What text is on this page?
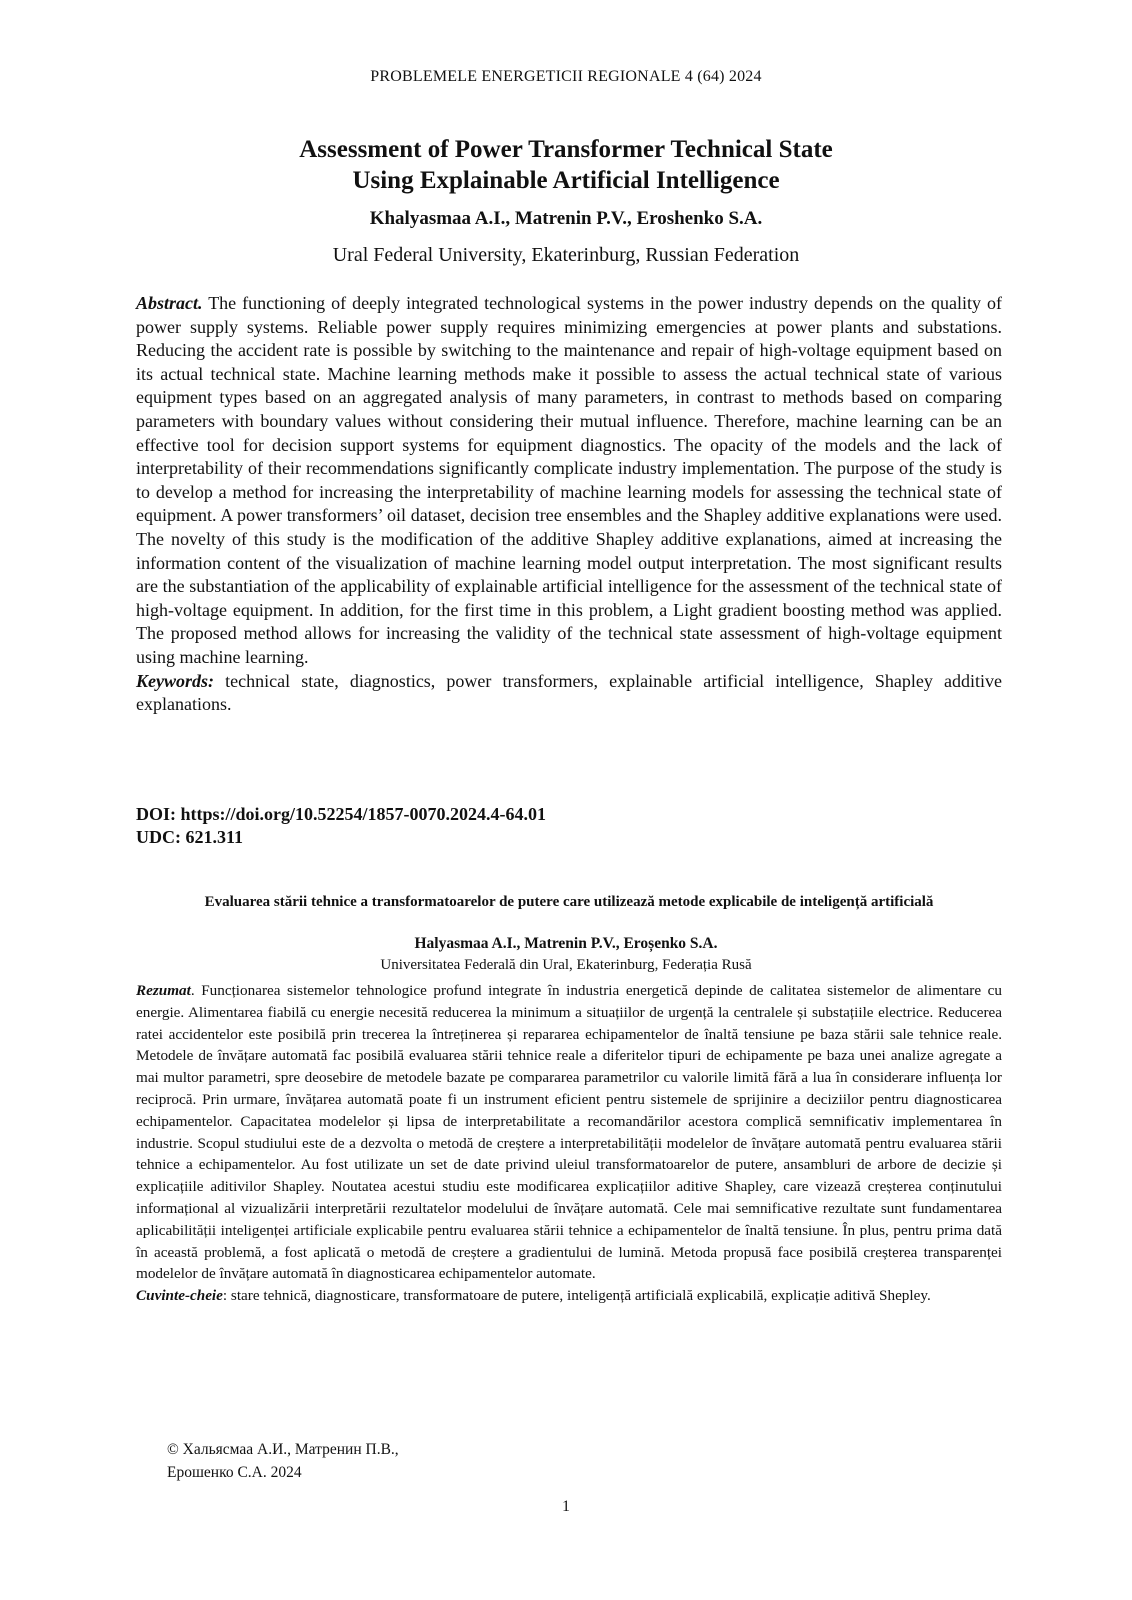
PROBLEMELE ENERGETICII REGIONALE 4 (64) 2024
Assessment of Power Transformer Technical State
Using Explainable Artificial Intelligence
Khalyasmaa A.I., Matrenin P.V., Eroshenko S.A.
Ural Federal University, Ekaterinburg, Russian Federation

Abstract. The functioning of deeply integrated technological systems in the power industry depends on the quality of power supply systems. Reliable power supply requires minimizing emergencies at power plants and substations. Reducing the accident rate is possible by switching to the maintenance and repair of high-voltage equipment based on its actual technical state. Machine learning methods make it possible to assess the actual technical state of various equipment types based on an aggregated analysis of many parameters, in contrast to methods based on comparing parameters with boundary values without considering their mutual influence. Therefore, machine learning can be an effective tool for decision support systems for equipment diagnostics. The opacity of the models and the lack of interpretability of their recommendations significantly complicate industry implementation. The purpose of the study is to develop a method for increasing the interpretability of machine learning models for assessing the technical state of equipment. A power transformers’ oil dataset, decision tree ensembles and the Shapley additive explanations were used. The novelty of this study is the modification of the additive Shapley additive explanations, aimed at increasing the information content of the visualization of machine learning model output interpretation. The most significant results are the substantiation of the applicability of explainable artificial intelligence for the assessment of the technical state of high-voltage equipment. In addition, for the first time in this problem, a Light gradient boosting method was applied. The proposed method allows for increasing the validity of the technical state assessment of high-voltage equipment using machine learning.

Keywords: technical state, diagnostics, power transformers, explainable artificial intelligence, Shapley additive explanations.

DOI: https://doi.org/10.52254/1857-0070.2024.4-64.01
UDC: 621.311
Evaluarea stării tehnice a transformatoarelor de putere care utilizează metode explicabile de inteligență artificială
Halyasmaa A.I., Matrenin P.V., Eroșenko S.A.
Universitatea Federală din Ural, Ekaterinburg, Federația Rusă

Rezumat. Funcționarea sistemelor tehnologice profund integrate în industria energetică depinde de calitatea sistemelor de alimentare cu energie. Alimentarea fiabilă cu energie necesită reducerea la minimum a situațiilor de urgență la centralele și substațiile electrice. Reducerea ratei accidentelor este posibilă prin trecerea la întreținerea și repararea echipamentelor de înaltă tensiune pe baza stării sale tehnice reale. Metodele de învățare automată fac posibilă evaluarea stării tehnice reale a diferitelor tipuri de echipamente pe baza unei analize agregate a mai multor parametri, spre deosebire de metodele bazate pe compararea parametrilor cu valorile limită fără a lua în considerare influența lor reciprocă. Prin urmare, învățarea automată poate fi un instrument eficient pentru sistemele de sprijinire a deciziilor pentru diagnosticarea echipamentelor. Capacitatea modelelor și lipsa de interpretabilitate a recomandărilor acestora complică semnificativ implementarea în industrie. Scopul studiului este de a dezvolta o metodă de creștere a interpretabilității modelelor de învățare automată pentru evaluarea stării tehnice a echipamentelor. Au fost utilizate un set de date privind uleiul transformatoarelor de putere, ansambluri de arbore de decizie și explicațiile aditivilor Shapley. Noutatea acestui studiu este modificarea explicațiilor aditive Shapley, care vizează creșterea conținutului informațional al vizualizării interpretării rezultatelor modelului de învățare automată. Cele mai semnificative rezultate sunt fundamentarea aplicabilității inteligenței artificiale explicabile pentru evaluarea stării tehnice a echipamentelor de înaltă tensiune. În plus, pentru prima dată în această problemă, a fost aplicată o metodă de creștere a gradientului de lumină. Metoda propusă face posibilă creșterea transparenței modelelor de învățare automată în diagnosticarea echipamentelor automate.

Cuvinte-cheie: stare tehnică, diagnosticare, transformatoare de putere, inteligență artificială explicabilă, explicație aditivă Shepley.

© Хальясмаа А.И., Матренин П.В.,
Ерошенко С.А. 2024
1
